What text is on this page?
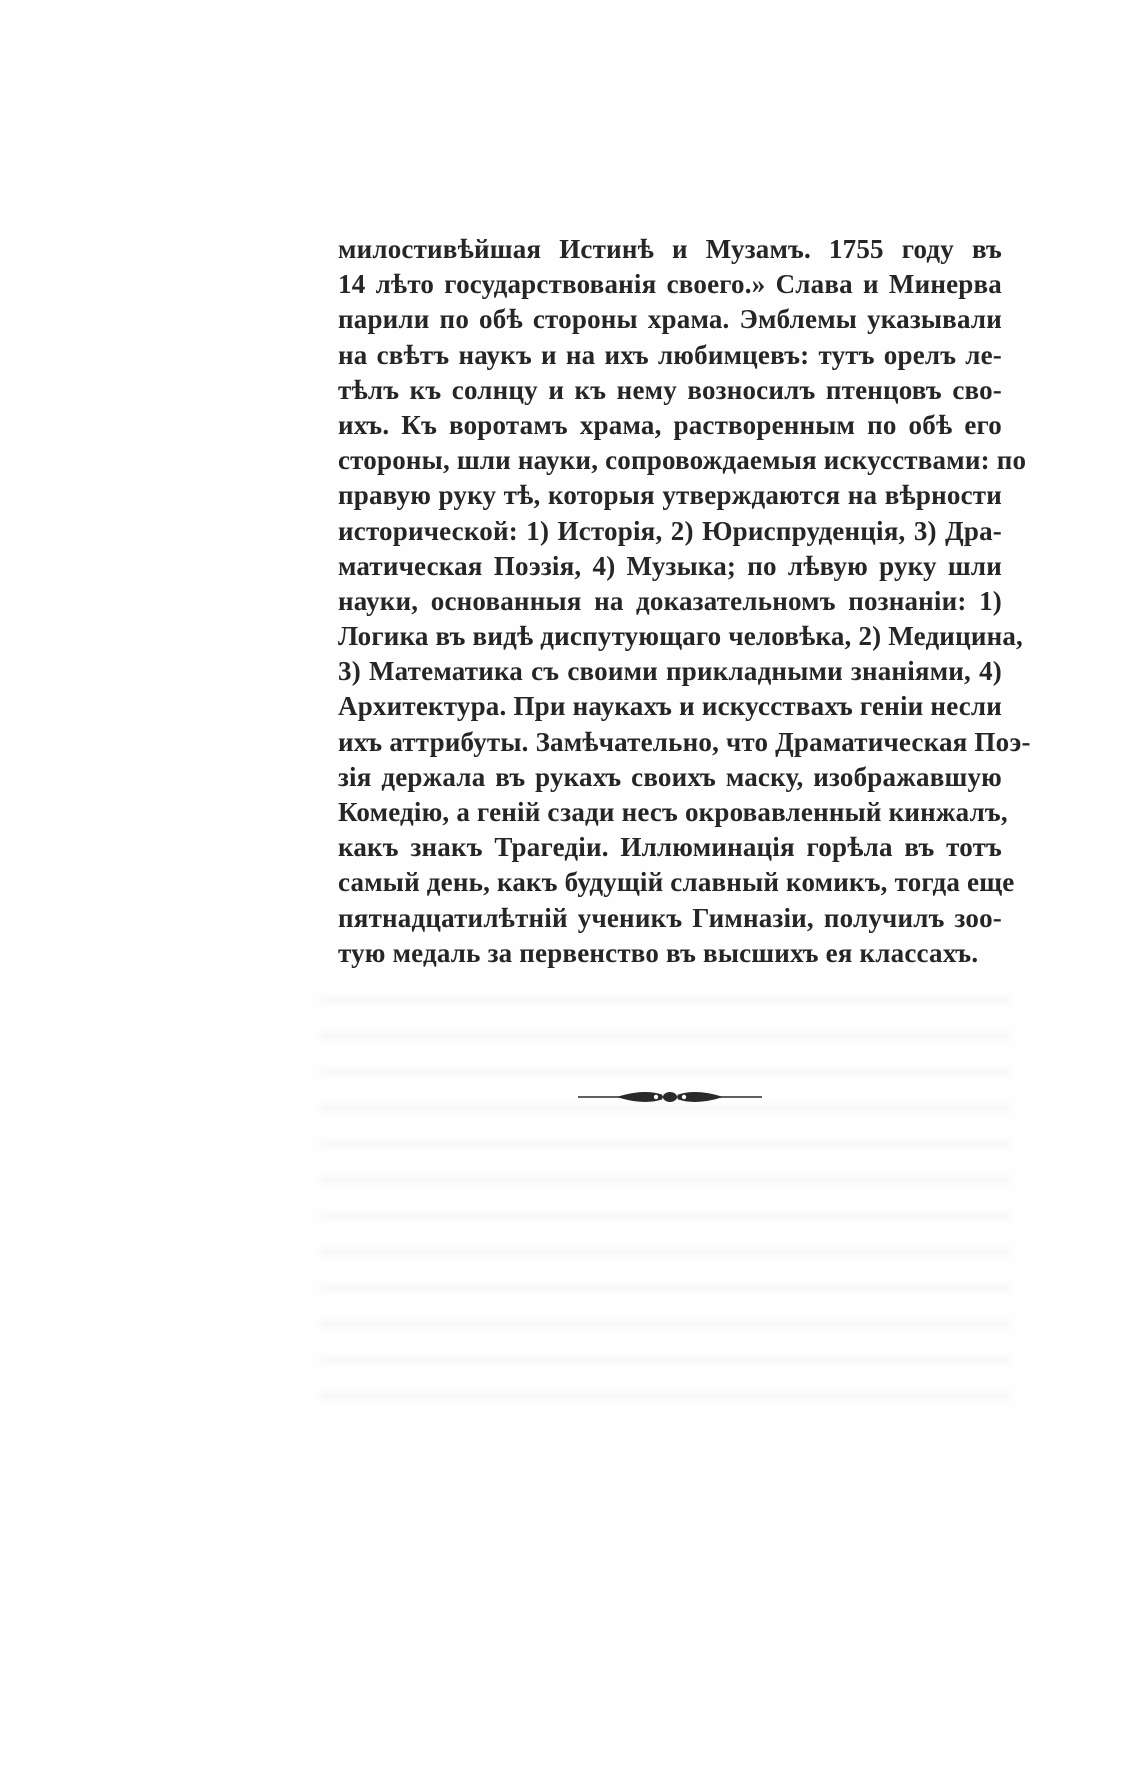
милостивѣйшая Истинѣ и Музамъ. 1755 году въ
14 лѣто государствованія своего.» Слава и Минерва
парили по обѣ стороны храма. Эмблемы указывали
на свѣтъ наукъ и на ихъ любимцевъ: тутъ орелъ ле-
тѣлъ къ солнцу и къ нему возносилъ птенцовъ сво-
ихъ. Къ воротамъ храма, растворенным по обѣ его
стороны, шли науки, сопровождаемыя искусствами: по
правую руку тѣ, которыя утверждаются на вѣрности
исторической: 1) Исторія, 2) Юриспруденція, 3) Дра-
матическая Поэзія, 4) Музыка; по лѣвую руку шли
науки, основанныя на доказательномъ познаніи: 1)
Логика въ видѣ диспутующаго человѣка, 2) Медицина,
3) Математика съ своими прикладными знаніями, 4)
Архитектура. При наукахъ и искусствахъ геніи несли
ихъ аттрибуты. Замѣчательно, что Драматическая Поэ-
зія держала въ рукахъ своихъ маску, изображавшую
Комедію, а геній сзади несъ окровавленный кинжалъ,
какъ знакъ Трагедіи. Иллюминація горѣла въ тотъ
самый день, какъ будущій славный комикъ, тогда еще
пятнадцатилѣтній ученикъ Гимназіи, получилъ зоо-
тую медаль за первенство въ высшихъ ея классахъ.
